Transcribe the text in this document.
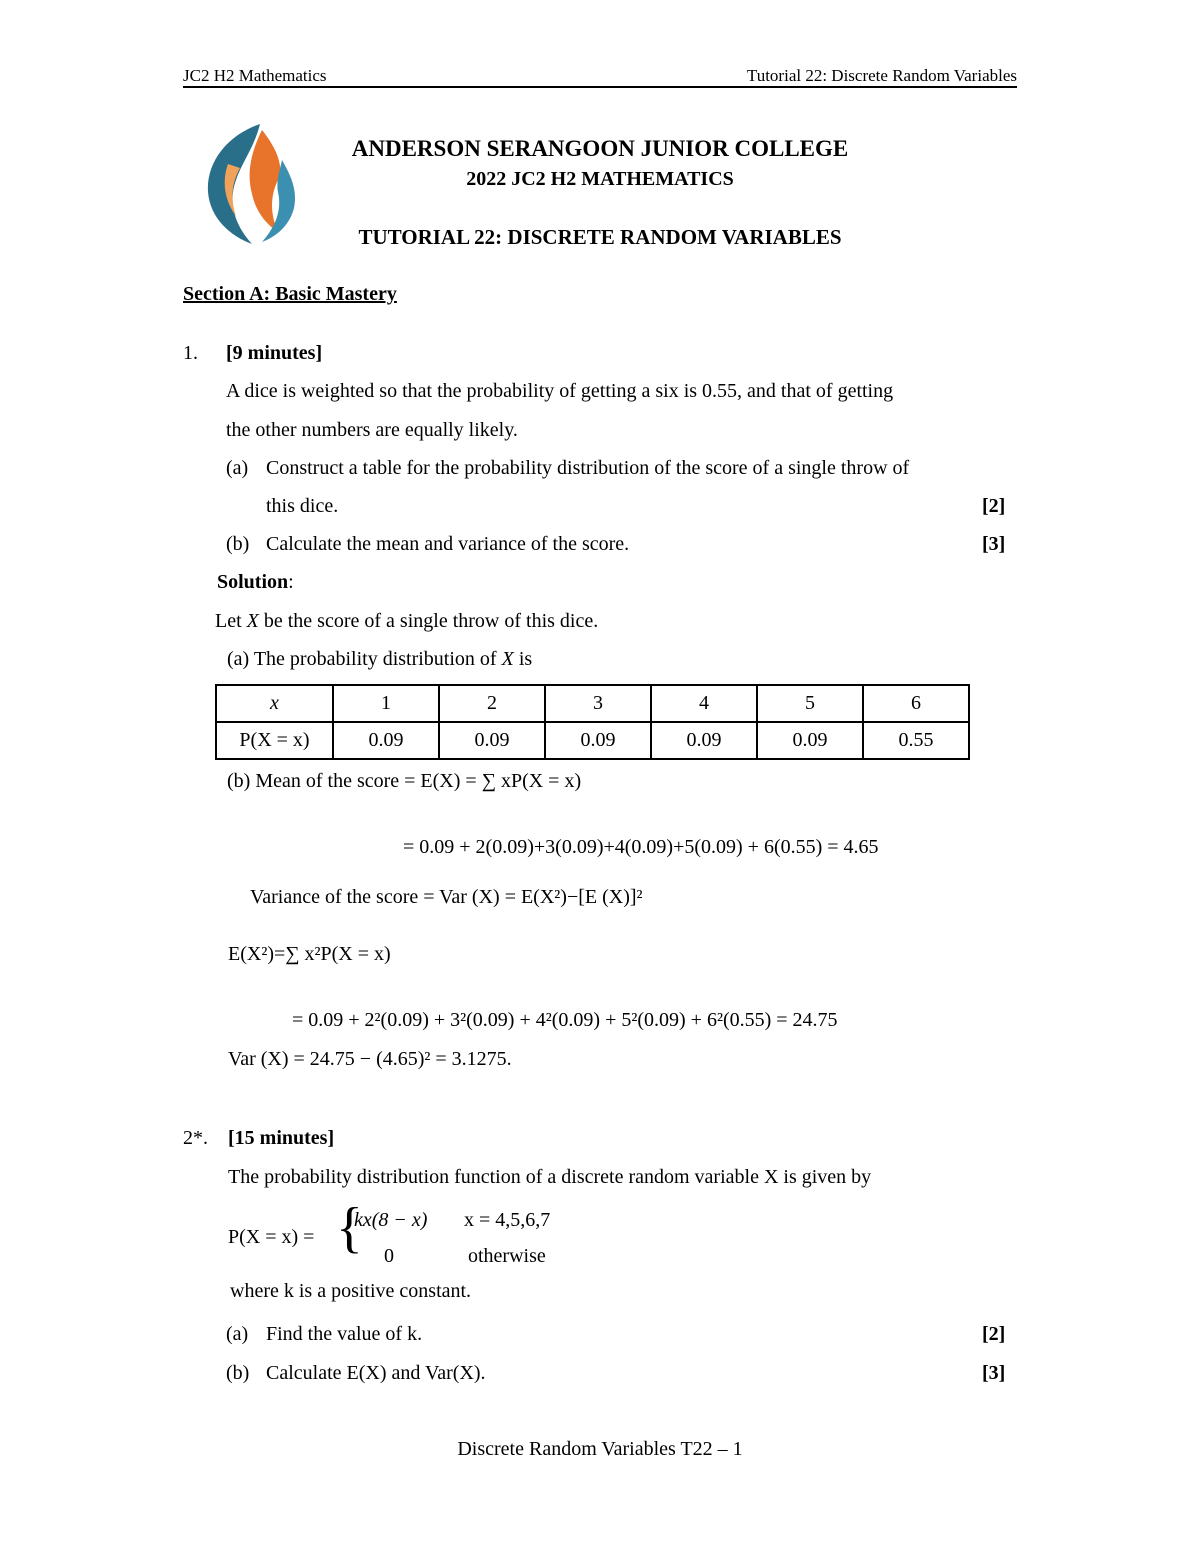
JC2 H2 Mathematics	Tutorial 22: Discrete Random Variables
ANDERSON SERANGOON JUNIOR COLLEGE
2022 JC2 H2 MATHEMATICS
TUTORIAL 22: DISCRETE RANDOM VARIABLES
Section A: Basic Mastery
1. [9 minutes]
A dice is weighted so that the probability of getting a six is 0.55, and that of getting
the other numbers are equally likely.
(a) Construct a table for the probability distribution of the score of a single throw of
this dice.	[2]
(b) Calculate the mean and variance of the score.	[3]
Solution:
Let X be the score of a single throw of this dice.
(a) The probability distribution of X is
x	1	2	3	4	5	6
P(X = x)	0.09	0.09	0.09	0.09	0.09	0.55
(b) Mean of the score = E(X) = ∑ xP(X = x)
= 0.09 + 2(0.09)+3(0.09)+4(0.09)+5(0.09) + 6(0.55) = 4.65
Variance of the score = Var (X) = E(X²)−[E (X)]²
E(X²)=∑ x²P(X = x)
= 0.09 + 2²(0.09) + 3²(0.09) + 4²(0.09) + 5²(0.09) + 6²(0.55) = 24.75
Var (X) = 24.75 − (4.65)² = 3.1275.
2*. [15 minutes]
The probability distribution function of a discrete random variable X is given by
P(X = x) = {
kx(8 − x) x = 4,5,6,7
0	otherwise
where k is a positive constant.
(a) Find the value of k.	[2]
(b) Calculate E(X) and Var(X).	[3]
Discrete Random Variables T22 – 1
